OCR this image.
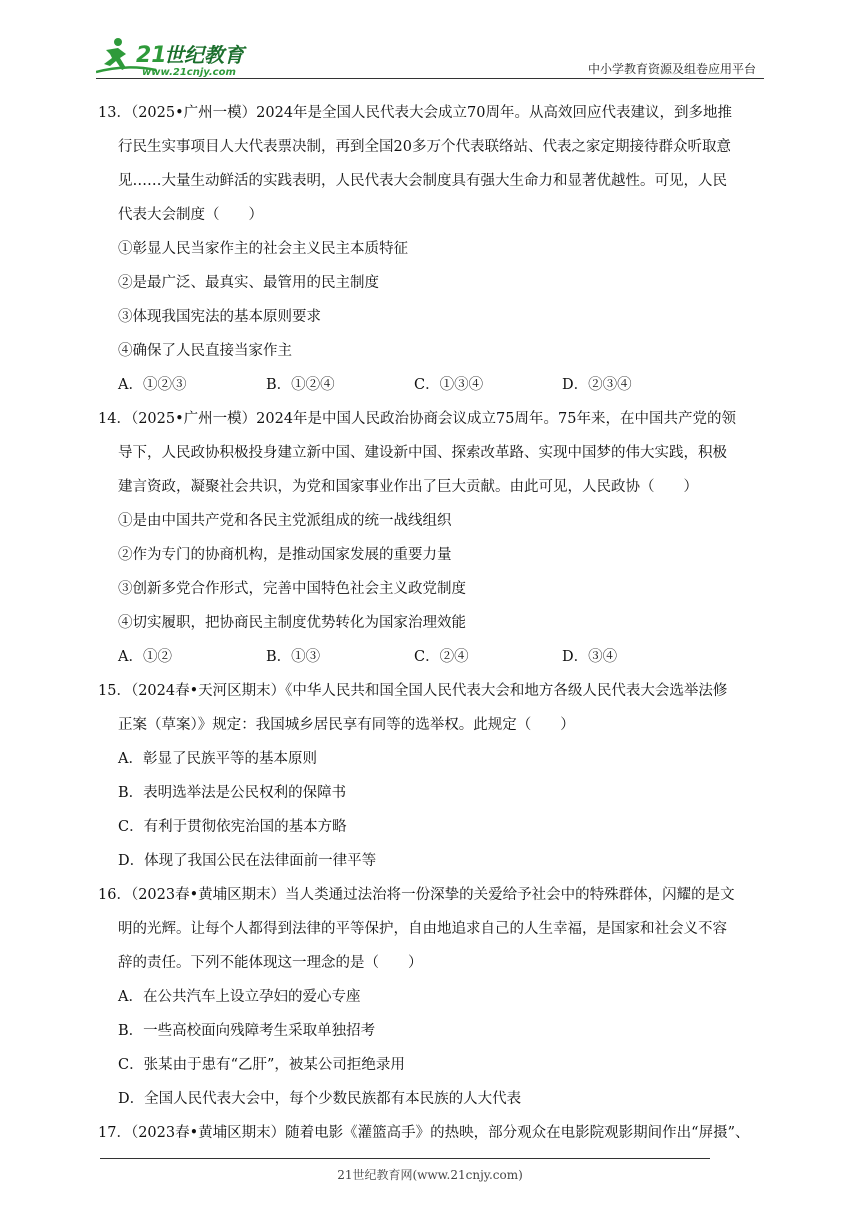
21
世纪教育
www.21cnjy.com	中小学教育资源及组卷应用平台
13．（2025•广州一模）2024年是全国人民代表大会成立70周年。从高效回应代表建议，到多地推
行民生实事项目人大代表票决制，再到全国20多万个代表联络站、代表之家定期接待群众听取意
见……大量生动鲜活的实践表明，人民代表大会制度具有强大生命力和显著优越性。可见，人民
代表大会制度（　　）
①彰显人民当家作主的社会主义民主本质特征
②是最广泛、最真实、最管用的民主制度
③体现我国宪法的基本原则要求
④确保了人民直接当家作主
A．①②③	B．①②④	C．①③④	D．②③④
14．（2025•广州一模）2024年是中国人民政治协商会议成立75周年。75年来，在中国共产党的领
导下，人民政协积极投身建立新中国、建设新中国、探索改革路、实现中国梦的伟大实践，积极
建言资政，凝聚社会共识，为党和国家事业作出了巨大贡献。由此可见，人民政协（　　）
①是由中国共产党和各民主党派组成的统一战线组织
②作为专门的协商机构，是推动国家发展的重要力量
③创新多党合作形式，完善中国特色社会主义政党制度
④切实履职，把协商民主制度优势转化为国家治理效能
A．①②	B．①③	C．②④	D．③④
15．（2024春•天河区期末）《中华人民共和国全国人民代表大会和地方各级人民代表大会选举法修
正案（草案）》规定：我国城乡居民享有同等的选举权。此规定（　　）
A．彰显了民族平等的基本原则
B．表明选举法是公民权利的保障书
C．有利于贯彻依宪治国的基本方略
D．体现了我国公民在法律面前一律平等
16．（2023春•黄埔区期末）当人类通过法治将一份深挚的关爱给予社会中的特殊群体，闪耀的是文
明的光辉。让每个人都得到法律的平等保护，自由地追求自己的人生幸福，是国家和社会义不容
辞的责任。下列不能体现这一理念的是（　　）
A．在公共汽车上设立孕妇的爱心专座
B．一些高校面向残障考生采取单独招考
C．张某由于患有“乙肝”，被某公司拒绝录用
D．全国人民代表大会中，每个少数民族都有本民族的人大代表
17．（2023春•黄埔区期末）随着电影《灌篮高手》的热映，部分观众在电影院观影期间作出“屏摄”、
21世纪教育网(www.21cnjy.com)
